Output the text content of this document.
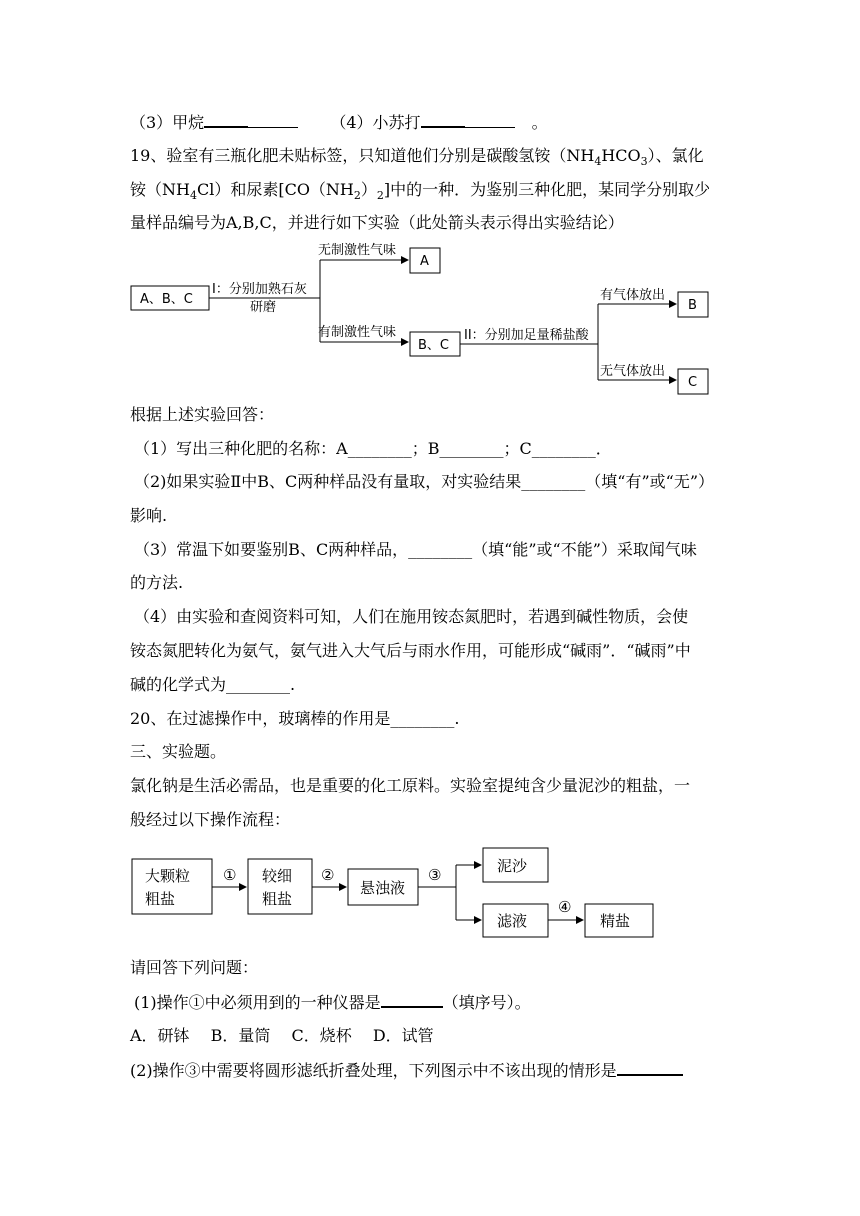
（3）甲烷	（4）小苏打	。
19、验室有三瓶化肥未贴标签，只知道他们分别是碳酸氢铵$(NH_4HCO_3)$、氯化
铵$(NH_4Cl)$和尿素$[CO(NH_2)_2]$中的一种．为鉴别三种化肥，某同学分别取少
量样品编号为A,B,C，并进行如下实验（此处箭头表示得出实验结论）
A、B、C
I：分别加熟石灰
研磨
无制激性气味
有制激性气味
A
B、C
II：分别加足量稀盐酸
有气体放出
无气体放出
B
C
根据上述实验回答：
（1）写出三种化肥的名称：A________；B________；C________．
（2)如果实验Ⅱ中B、C两种样品没有量取，对实验结果________（填“有”或“无”）
影响.
（3）常温下如要鉴别B、C两种样品，________（填“能”或“不能”）采取闻气味
的方法.
（4）由实验和查阅资料可知，人们在施用铵态氮肥时，若遇到碱性物质，会使
铵态氮肥转化为氨气，氨气进入大气后与雨水作用，可能形成“碱雨”．“碱雨”中
碱的化学式为________.
20、在过滤操作中，玻璃棒的作用是________.
三、实验题。
氯化钠是生活必需品，也是重要的化工原料。实验室提纯含少量泥沙的粗盐，一
般经过以下操作流程：
大颗粒
粗盐
较细
粗盐
悬浊液
泥沙
滤液	精盐
①	②	③
④
请回答下列问题：
(1)操作①中必须用到的一种仪器是	（填序号）。
A．研钵　 B．量筒　 C．烧杯　 D．试管
(2)操作③中需要将圆形滤纸折叠处理，下列图示中不该出现的情形是
